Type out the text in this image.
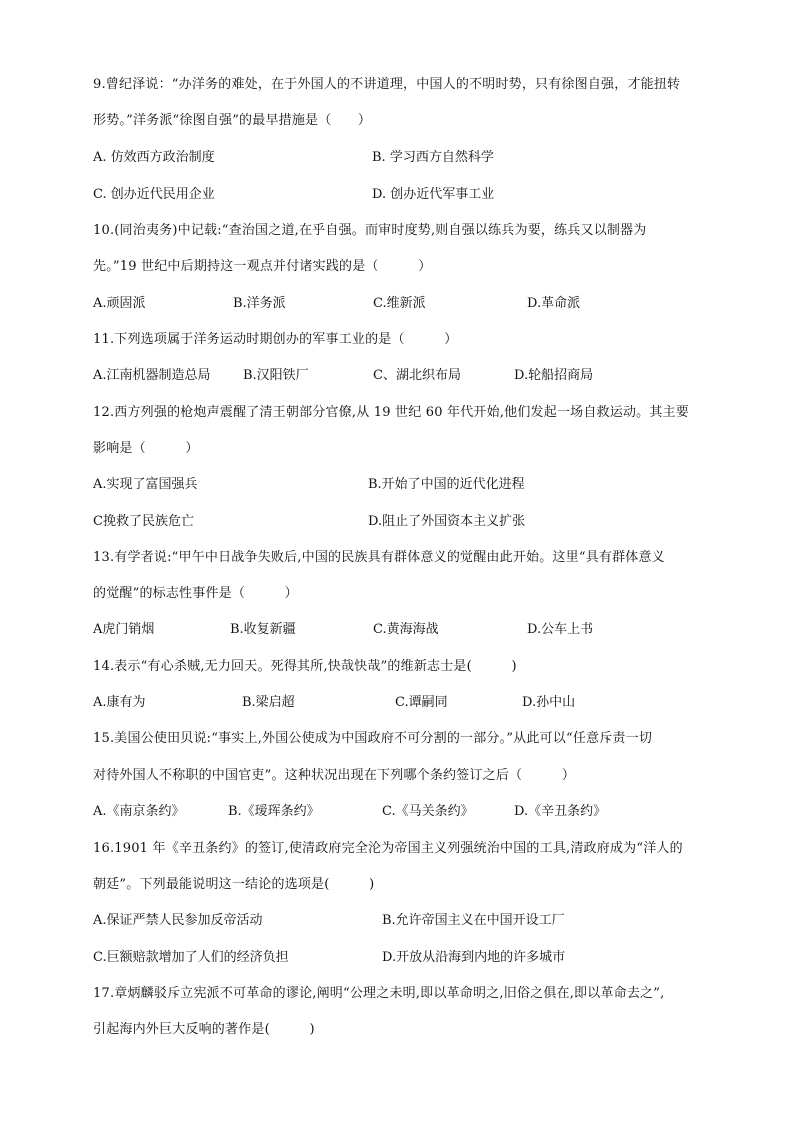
9.曾纪泽说：“办洋务的难处，在于外国人的不讲道理，中国人的不明时势，只有徐图自强，才能扭转
形势。”洋务派“徐图自强”的最早措施是（　　）
A. 仿效西方政治制度	B. 学习西方自然科学
C. 创办近代民用企业	D. 创办近代军事工业
10.(同治夷务)中记载:“查治国之道,在乎自强。而审时度势,则自强以练兵为要，练兵又以制器为
先。”19 世纪中后期持这一观点并付诸实践的是（　　　）
A.顽固派	B.洋务派	C.维新派	D.革命派
11.下列选项属于洋务运动时期创办的军事工业的是（　　　）
A.江南机器制造总局 B.汉阳铁厂	C、湖北织布局	D.轮船招商局
12.西方列强的枪炮声震醒了清王朝部分官僚,从 19 世纪 60 年代开始,他们发起一场自救运动。其主要
影响是（　　　）
A.实现了富国强兵	B.开始了中国的近代化进程
C挽救了民族危亡	D.阻止了外国资本主义扩张
13.有学者说:“甲午中日战争失败后,中国的民族具有群体意义的觉醒由此开始。这里“具有群体意义
的觉醒”的标志性事件是（　　　）
A虎门销烟	B.收复新疆	C.黄海海战	D.公车上书
14.表示“有心杀贼,无力回天。死得其所,快哉快哉”的维新志士是(　　　)
A.康有为	B.梁启超	C.谭嗣同	D.孙中山
15.美国公使田贝说:“事实上,外国公使成为中国政府不可分割的一部分。”从此可以“任意斥责一切
对待外国人不称职的中国官吏”。这种状况出现在下列哪个条约签订之后（　　　）
A.《南京条约》	B.《瑷珲条约》	C.《马关条约》	D.《辛丑条约》
16.1901 年《辛丑条约》的签订,使清政府完全沦为帝国主义列强统治中国的工具,清政府成为“洋人的
朝廷”。下列最能说明这一结论的选项是(　　　)
A.保证严禁人民参加反帝活动	B.允许帝国主义在中国开设工厂
C.巨额赔款增加了人们的经济负担	D.开放从沿海到内地的许多城市
17.章炳麟驳斥立宪派不可革命的谬论,阐明“公理之未明,即以革命明之,旧俗之俱在,即以革命去之”,
引起海内外巨大反响的著作是(　　　)
